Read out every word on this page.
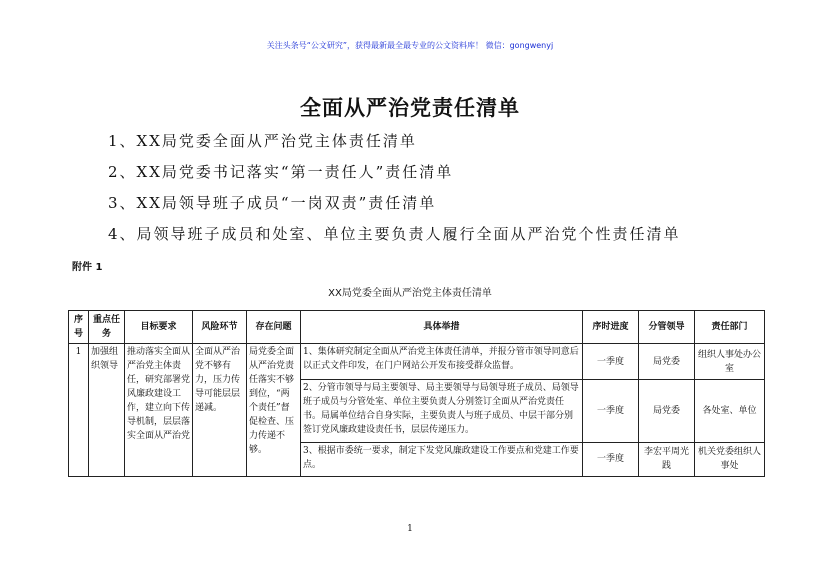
关注头条号“公文研究”，获得最新最全最专业的公文资料库！ 微信：gongwenyj
全面从严治党责任清单
1、XX局党委全面从严治党主体责任清单
2、XX局党委书记落实“第一责任人”责任清单
3、XX局领导班子成员“一岗双责”责任清单
4、局领导班子成员和处室、单位主要负责人履行全面从严治党个性责任清单
附件 1
XX局党委全面从严治党主体责任清单
序号	重点任务	目标要求	风险环节	存在问题	具体举措	序时进度	分管领导	责任部门
1	加强组织领导	推动落实全面从严治党主体责任，研究部署党风廉政建设工作，建立向下传导机制，层层落实全面从严治党	全面从严治党不够有力，压力传导可能层层递减。	局党委全面从严治党责任落实不够到位，“两个责任”督促检查、压力传递不够。	1、集体研究制定全面从严治党主体责任清单，并报分管市领导同意后以正式文件印发，在门户网站公开发布接受群众监督。	一季度	局党委	组织人事处办公室
					2、分管市领导与局主要领导、局主要领导与局领导班子成员、局领导班子成员与分管处室、单位主要负责人分别签订全面从严治党责任书。局属单位结合自身实际，主要负责人与班子成员、中层干部分别签订党风廉政建设责任书，层层传递压力。	一季度	局党委	各处室、单位
					3、根据市委统一要求，制定下发党风廉政建设工作要点和党建工作要点。	一季度	李宏平周光践	机关党委组织人事处
1
